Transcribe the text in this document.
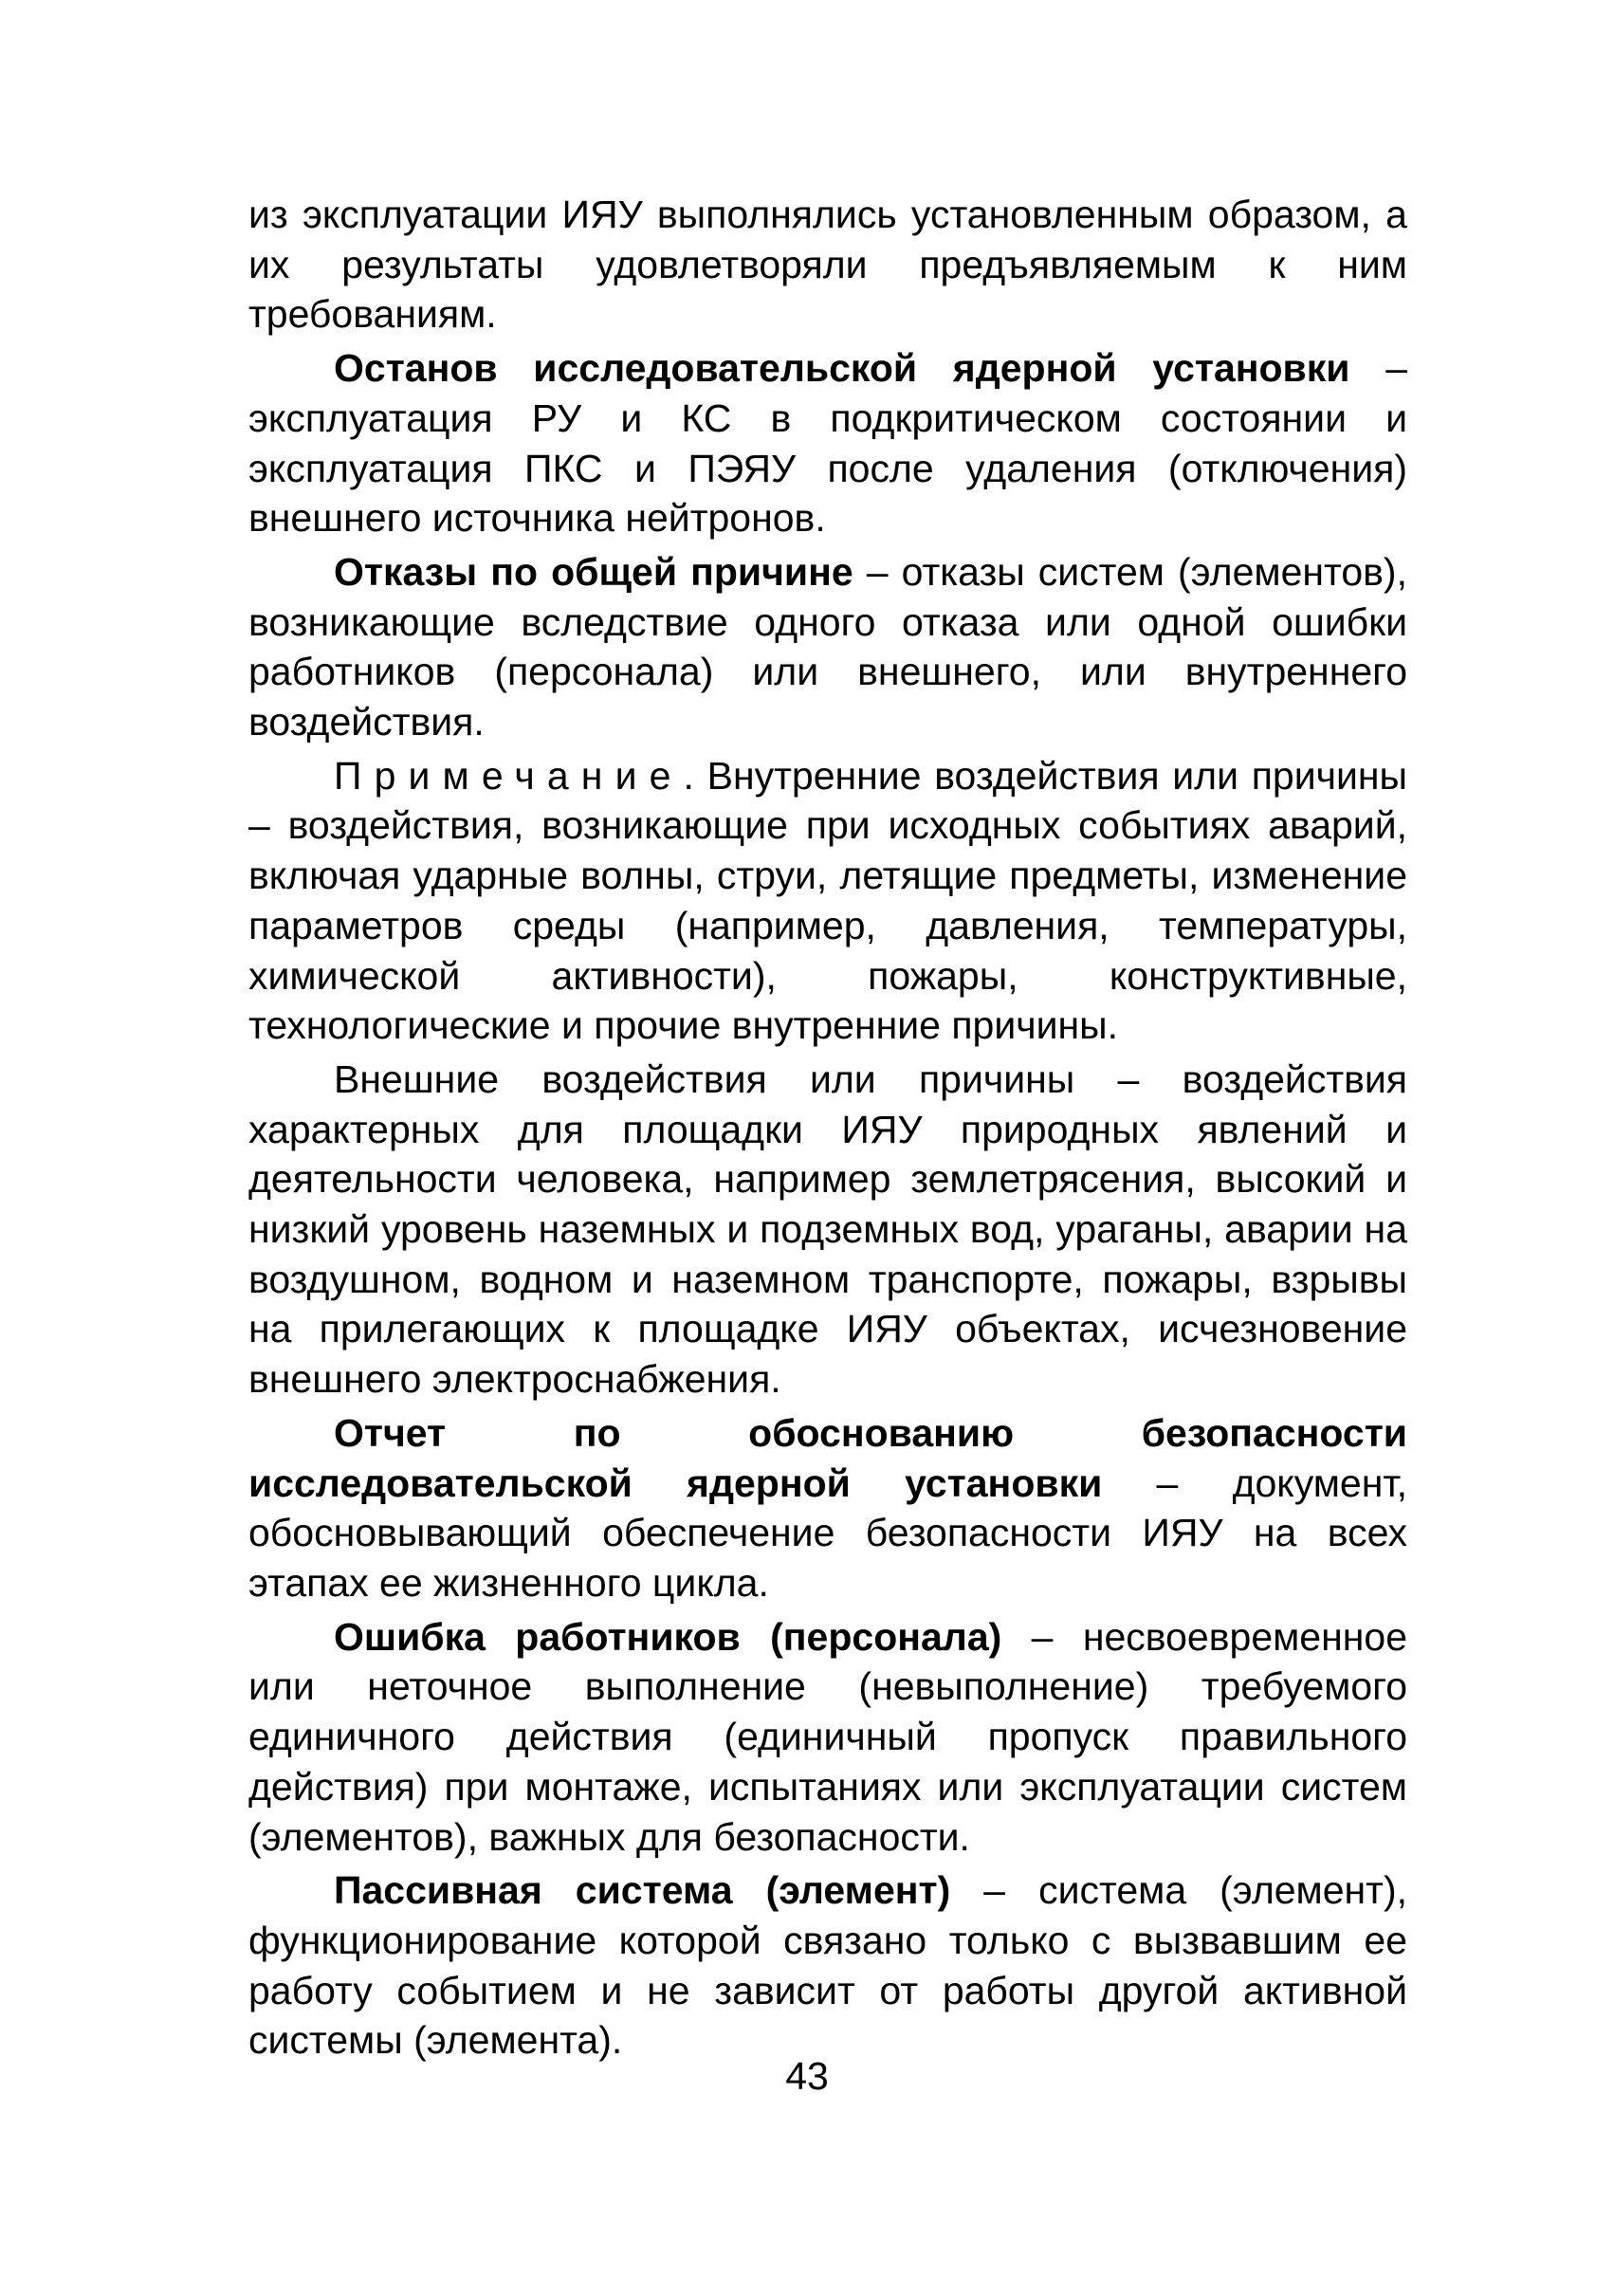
из эксплуатации ИЯУ выполнялись установленным образом, а их результаты удовлетворяли предъявляемым к ним требованиям.

Останов исследовательской ядерной установки – эксплуатация РУ и КС в подкритическом состоянии и эксплуатация ПКС и ПЭЯУ после удаления (отключения) внешнего источника нейтронов.

Отказы по общей причине – отказы систем (элементов), возникающие вследствие одного отказа или одной ошибки работников (персонала) или внешнего, или внутреннего воздействия.

Примечание. Внутренние воздействия или причины – воздействия, возникающие при исходных событиях аварий, включая ударные волны, струи, летящие предметы, изменение параметров среды (например, давления, температуры, химической активности), пожары, конструктивные, технологические и прочие внутренние причины.

Внешние воздействия или причины – воздействия характерных для площадки ИЯУ природных явлений и деятельности человека, например землетрясения, высокий и низкий уровень наземных и подземных вод, ураганы, аварии на воздушном, водном и наземном транспорте, пожары, взрывы на прилегающих к площадке ИЯУ объектах, исчезновение внешнего электроснабжения.

Отчет по обоснованию безопасности исследовательской ядерной установки – документ, обосновывающий обеспечение безопасности ИЯУ на всех этапах ее жизненного цикла.

Ошибка работников (персонала) – несвоевременное или неточное выполнение (невыполнение) требуемого единичного действия (единичный пропуск правильного действия) при монтаже, испытаниях или эксплуатации систем (элементов), важных для безопасности.

Пассивная система (элемент) – система (элемент), функционирование которой связано только с вызвавшим ее работу событием и не зависит от работы другой активной системы (элемента).

43
